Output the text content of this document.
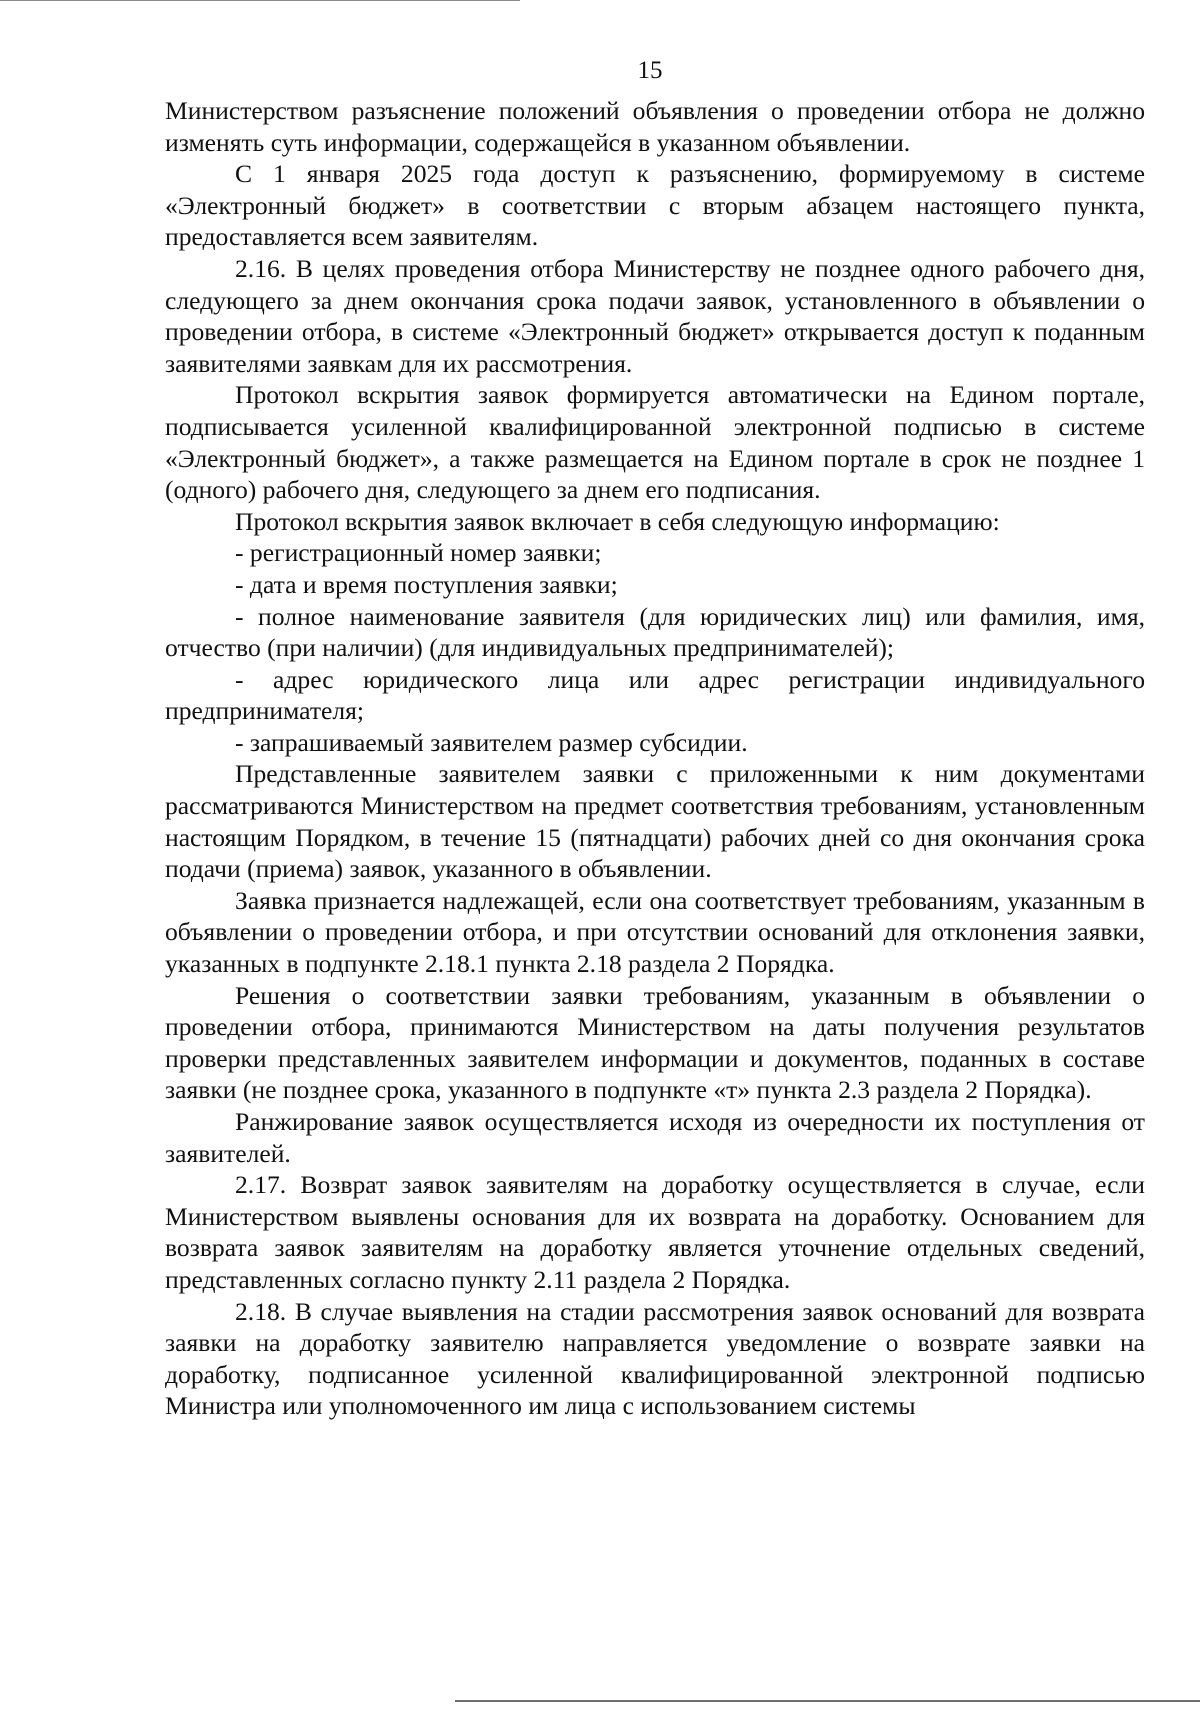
15

Министерством разъяснение положений объявления о проведении отбора не должно изменять суть информации, содержащейся в указанном объявлении.

С 1 января 2025 года доступ к разъяснению, формируемому в системе «Электронный бюджет» в соответствии с вторым абзацем настоящего пункта, предоставляется всем заявителям.

2.16. В целях проведения отбора Министерству не позднее одного рабочего дня, следующего за днем окончания срока подачи заявок, установленного в объявлении о проведении отбора, в системе «Электронный бюджет» открывается доступ к поданным заявителями заявкам для их рассмотрения.

Протокол вскрытия заявок формируется автоматически на Едином портале, подписывается усиленной квалифицированной электронной подписью в системе «Электронный бюджет», а также размещается на Едином портале в срок не позднее 1 (одного) рабочего дня, следующего за днем его подписания.

Протокол вскрытия заявок включает в себя следующую информацию:

- регистрационный номер заявки;

- дата и время поступления заявки;

- полное наименование заявителя (для юридических лиц) или фамилия, имя, отчество (при наличии) (для индивидуальных предпринимателей);

- адрес юридического лица или адрес регистрации индивидуального предпринимателя;

- запрашиваемый заявителем размер субсидии.

Представленные заявителем заявки с приложенными к ним документами рассматриваются Министерством на предмет соответствия требованиям, установленным настоящим Порядком, в течение 15 (пятнадцати) рабочих дней со дня окончания срока подачи (приема) заявок, указанного в объявлении.

Заявка признается надлежащей, если она соответствует требованиям, указанным в объявлении о проведении отбора, и при отсутствии оснований для отклонения заявки, указанных в подпункте 2.18.1 пункта 2.18 раздела 2 Порядка.

Решения о соответствии заявки требованиям, указанным в объявлении о проведении отбора, принимаются Министерством на даты получения результатов проверки представленных заявителем информации и документов, поданных в составе заявки (не позднее срока, указанного в подпункте «т» пункта 2.3 раздела 2 Порядка).

Ранжирование заявок осуществляется исходя из очередности их поступления от заявителей.

2.17. Возврат заявок заявителям на доработку осуществляется в случае, если Министерством выявлены основания для их возврата на доработку. Основанием для возврата заявок заявителям на доработку является уточнение отдельных сведений, представленных согласно пункту 2.11 раздела 2 Порядка.

2.18. В случае выявления на стадии рассмотрения заявок оснований для возврата заявки на доработку заявителю направляется уведомление о возврате заявки на доработку, подписанное усиленной квалифицированной электронной подписью Министра или уполномоченного им лица с использованием системы
